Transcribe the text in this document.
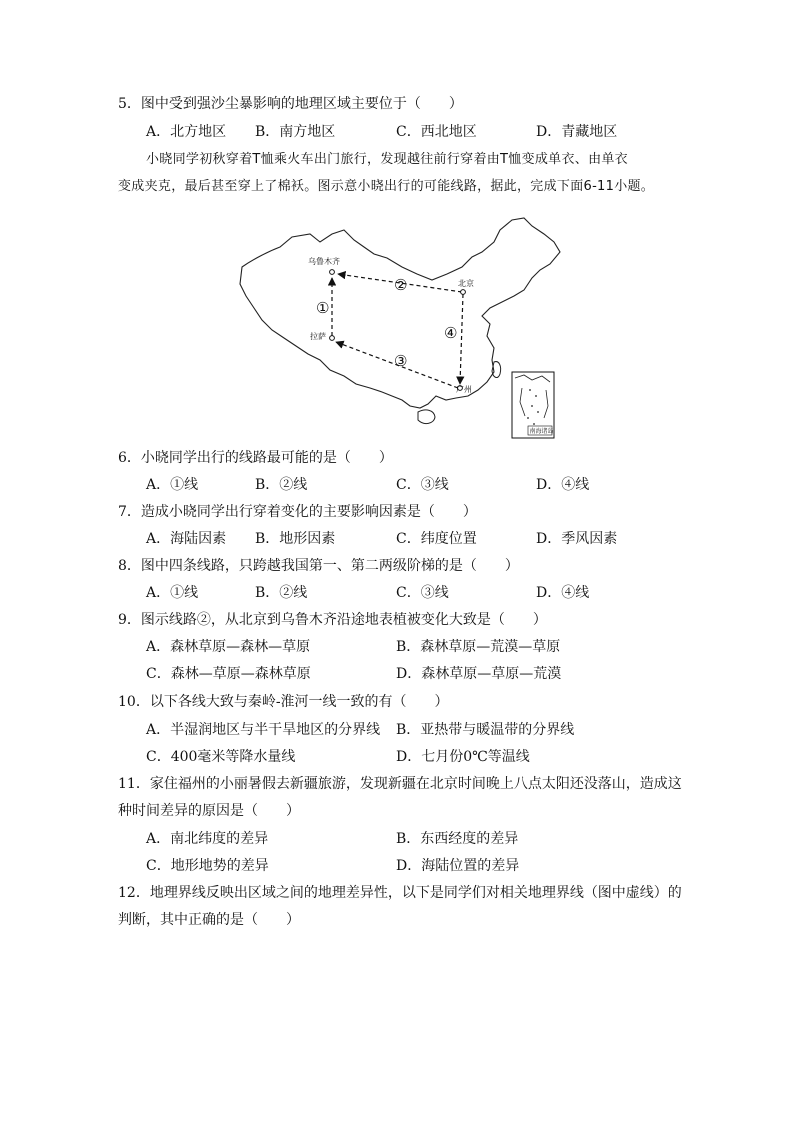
5．图中受到强沙尘暴影响的地理区域主要位于（　　）
A．北方地区 B．南方地区	C．西北地区	D．青藏地区
小晓同学初秋穿着T恤乘火车出门旅行，发现越往前行穿着由T恤变成单衣、由单衣
变成夹克，最后甚至穿上了棉袄。图示意小晓出行的可能线路，据此，完成下面6-11小题。
乌鲁木齐
北京
拉萨
广州
①
②
③
④
南海诸岛
6．小晓同学出行的线路最可能的是（　　）
A．①线	B．②线	C．③线	D．④线
7．造成小晓同学出行穿着变化的主要影响因素是（　　）
A．海陆因素 B．地形因素	C．纬度位置	D．季风因素
8．图中四条线路，只跨越我国第一、第二两级阶梯的是（　　）
A．①线	B．②线	C．③线	D．④线
9．图示线路②，从北京到乌鲁木齐沿途地表植被变化大致是（　　）
A．森林草原—森林—草原	B．森林草原—荒漠—草原
C．森林—草原—森林草原	D．森林草原—草原—荒漠
10．以下各线大致与秦岭-淮河一线一致的有（　　）
A．半湿润地区与半干旱地区的分界线 B．亚热带与暖温带的分界线
C．400毫米等降水量线	D．七月份0℃等温线
11．家住福州的小丽暑假去新疆旅游，发现新疆在北京时间晚上八点太阳还没落山，造成这
种时间差异的原因是（　　）
A．南北纬度的差异	B．东西经度的差异
C．地形地势的差异	D．海陆位置的差异
12．地理界线反映出区域之间的地理差异性，以下是同学们对相关地理界线（图中虚线）的
判断，其中正确的是（　　）
